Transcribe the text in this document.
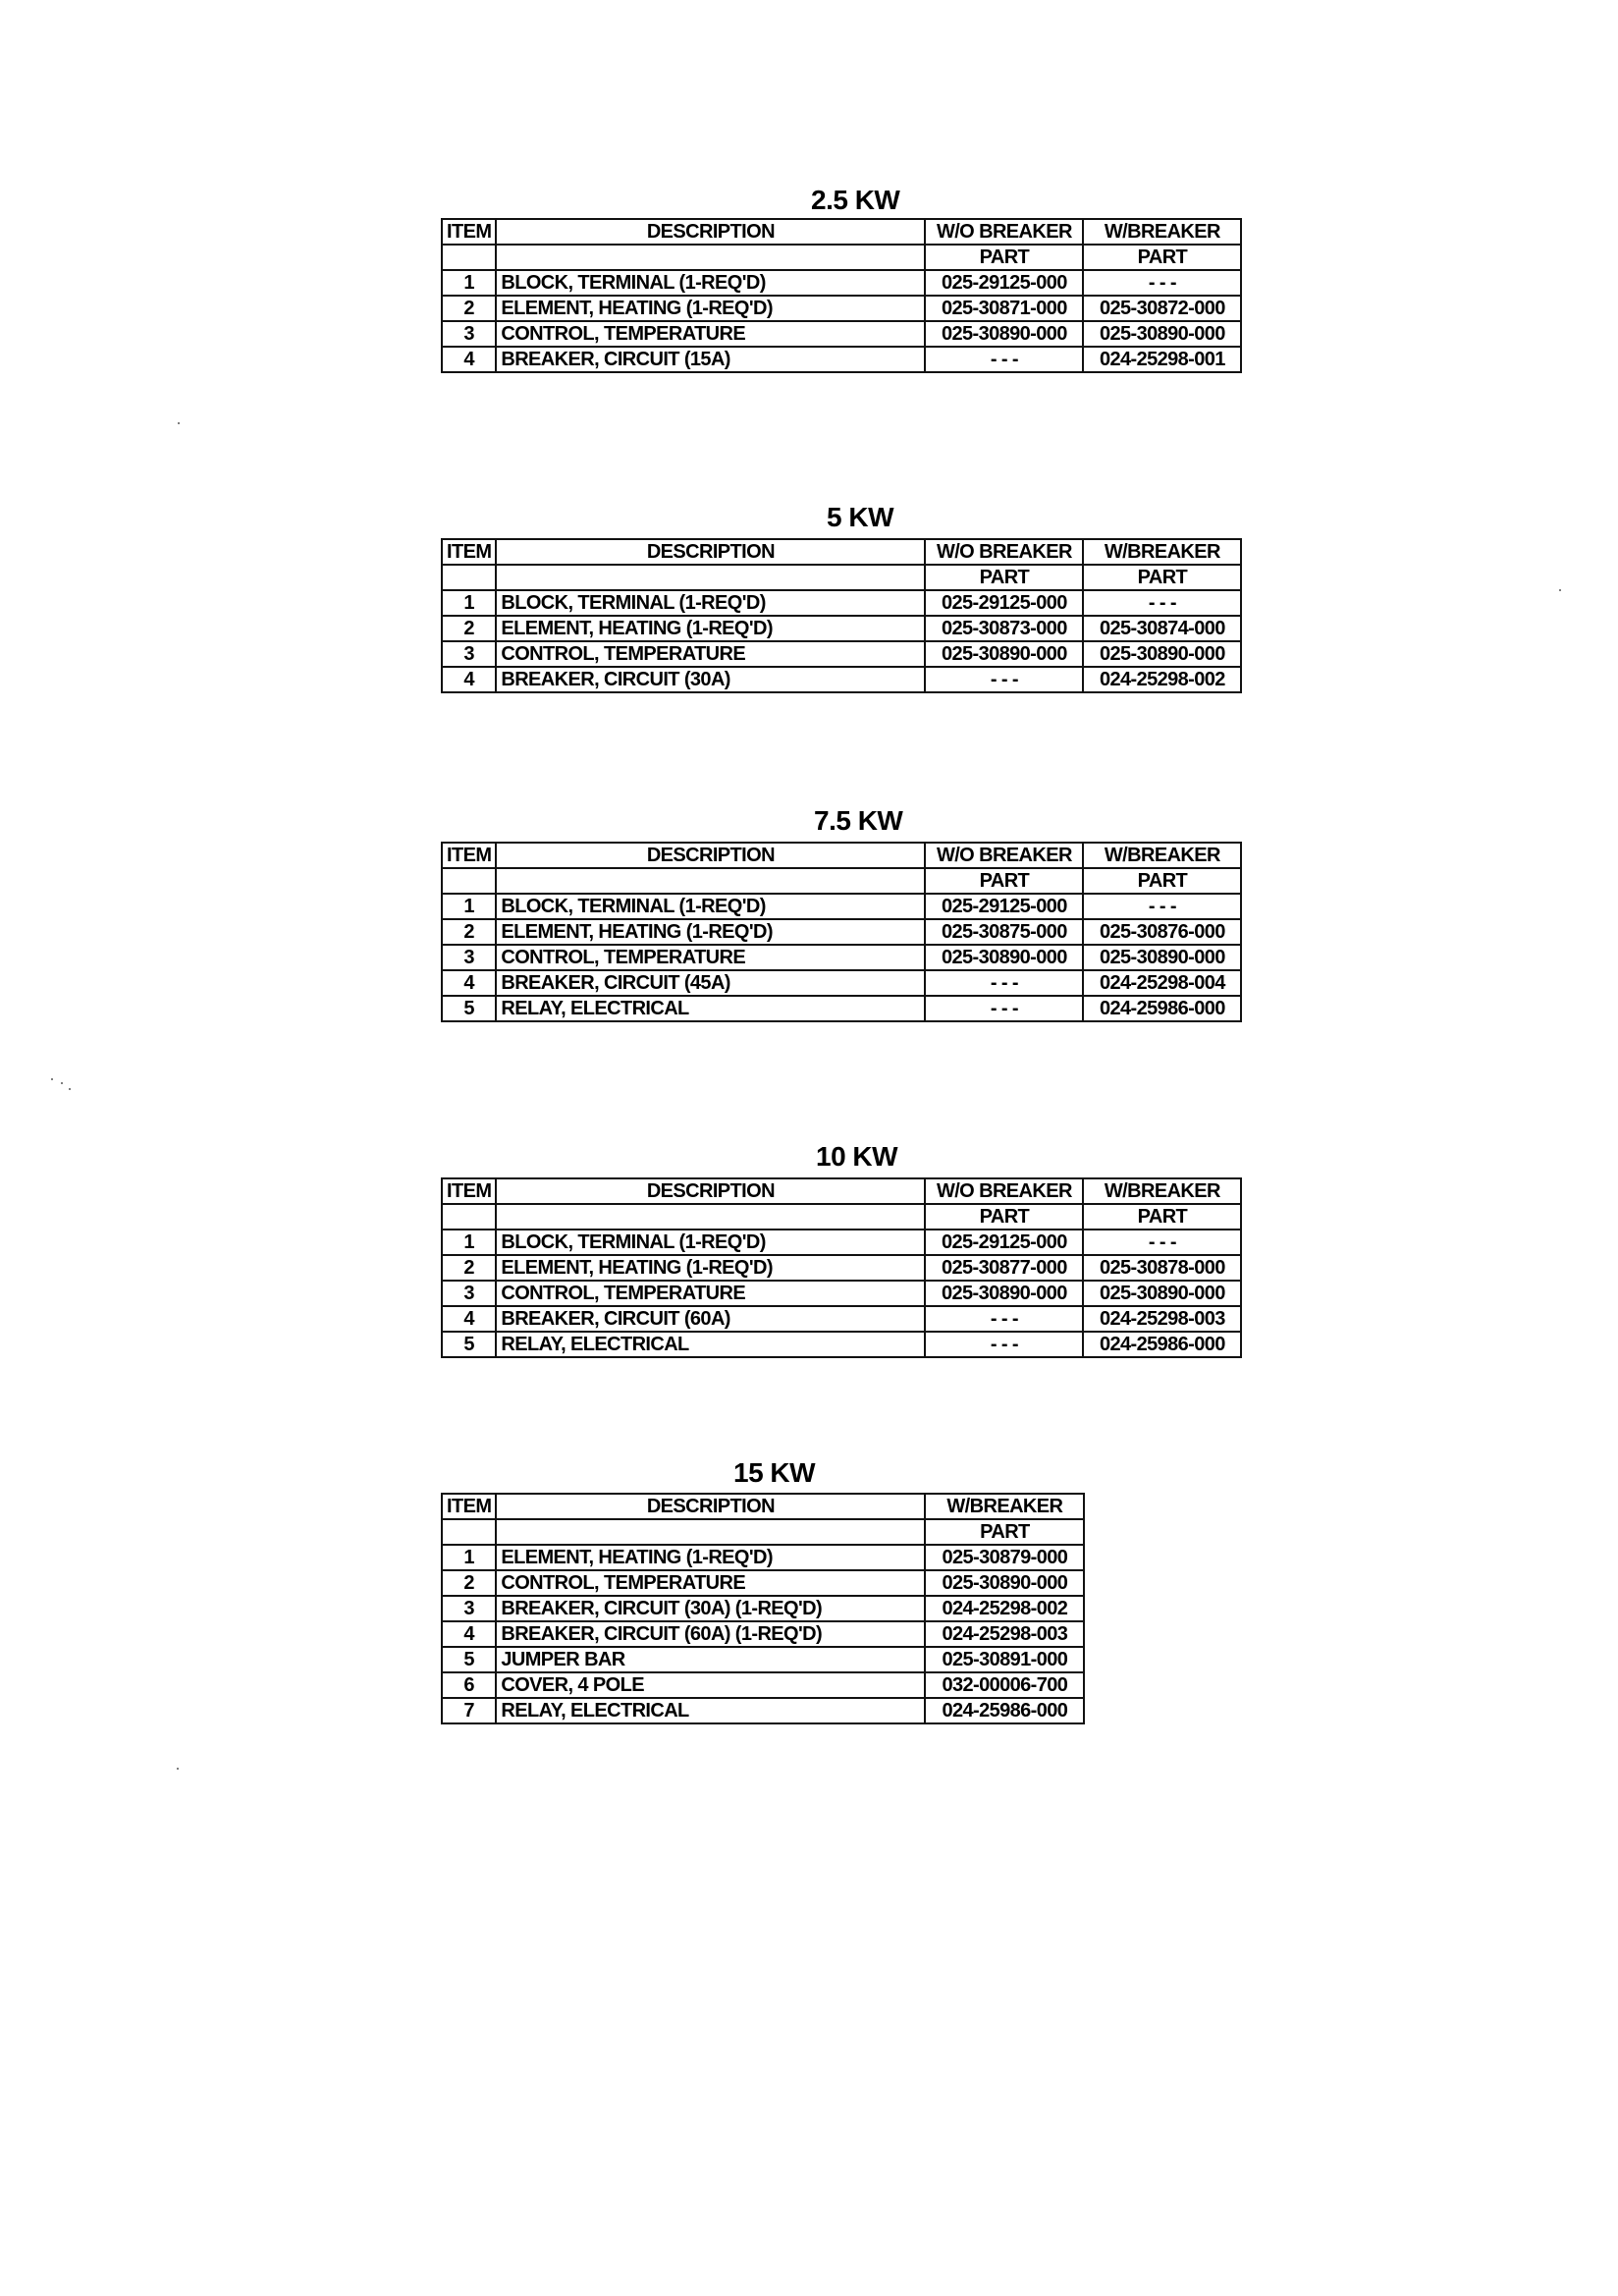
2.5 KW
ITEM	DESCRIPTION	W/O BREAKER	W/BREAKER
		PART	PART
1	BLOCK, TERMINAL (1-REQ'D)	025-29125-000	- - -
2	ELEMENT, HEATING (1-REQ'D)	025-30871-000	025-30872-000
3	CONTROL, TEMPERATURE	025-30890-000	025-30890-000
4	BREAKER, CIRCUIT (15A)	- - -	024-25298-001
5 KW
ITEM	DESCRIPTION	W/O BREAKER	W/BREAKER
		PART	PART
1	BLOCK, TERMINAL (1-REQ'D)	025-29125-000	- - -
2	ELEMENT, HEATING (1-REQ'D)	025-30873-000	025-30874-000
3	CONTROL, TEMPERATURE	025-30890-000	025-30890-000
4	BREAKER, CIRCUIT (30A)	- - -	024-25298-002
7.5 KW
ITEM	DESCRIPTION	W/O BREAKER	W/BREAKER
		PART	PART
1	BLOCK, TERMINAL (1-REQ'D)	025-29125-000	- - -
2	ELEMENT, HEATING (1-REQ'D)	025-30875-000	025-30876-000
3	CONTROL, TEMPERATURE	025-30890-000	025-30890-000
4	BREAKER, CIRCUIT (45A)	- - -	024-25298-004
5	RELAY, ELECTRICAL	- - -	024-25986-000
10 KW
ITEM	DESCRIPTION	W/O BREAKER	W/BREAKER
		PART	PART
1	BLOCK, TERMINAL (1-REQ'D)	025-29125-000	- - -
2	ELEMENT, HEATING (1-REQ'D)	025-30877-000	025-30878-000
3	CONTROL, TEMPERATURE	025-30890-000	025-30890-000
4	BREAKER, CIRCUIT (60A)	- - -	024-25298-003
5	RELAY, ELECTRICAL	- - -	024-25986-000
15 KW
ITEM	DESCRIPTION	W/BREAKER
		PART
1	ELEMENT, HEATING (1-REQ'D)	025-30879-000
2	CONTROL, TEMPERATURE	025-30890-000
3	BREAKER, CIRCUIT (30A) (1-REQ'D)	024-25298-002
4	BREAKER, CIRCUIT (60A) (1-REQ'D)	024-25298-003
5	JUMPER BAR	025-30891-000
6	COVER, 4 POLE	032-00006-700
7	RELAY, ELECTRICAL	024-25986-000
